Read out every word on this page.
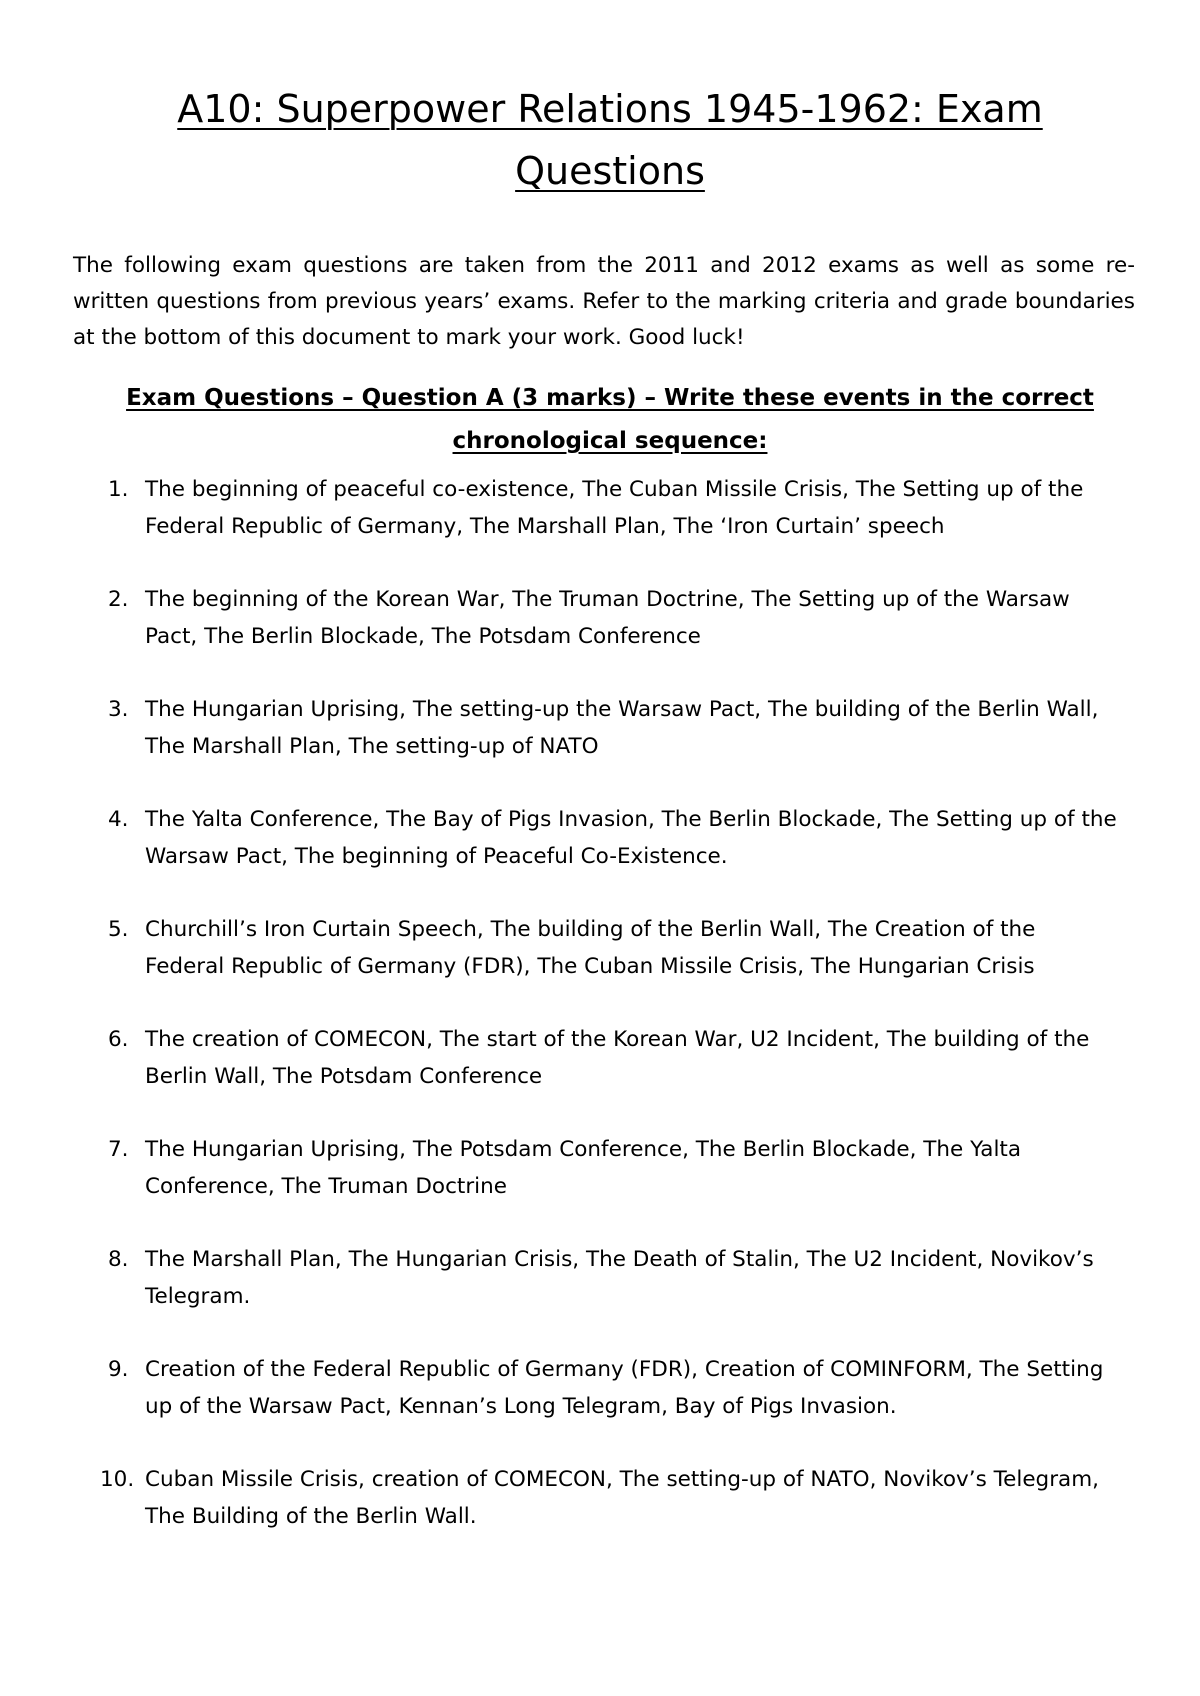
A10: Superpower Relations 1945-1962: Exam Questions

The following exam questions are taken from the 2011 and 2012 exams as well as some re-written questions from previous years’ exams. Refer to the marking criteria and grade boundaries at the bottom of this document to mark your work. Good luck!

Exam Questions – Question A (3 marks) – Write these events in the correct chronological sequence:
1. The beginning of peaceful co-existence, The Cuban Missile Crisis, The Setting up of the Federal Republic of Germany, The Marshall Plan, The ‘Iron Curtain’ speech
2. The beginning of the Korean War, The Truman Doctrine, The Setting up of the Warsaw Pact, The Berlin Blockade, The Potsdam Conference
3. The Hungarian Uprising, The setting-up the Warsaw Pact, The building of the Berlin Wall, The Marshall Plan, The setting-up of NATO
4. The Yalta Conference, The Bay of Pigs Invasion, The Berlin Blockade, The Setting up of the Warsaw Pact, The beginning of Peaceful Co-Existence.
5. Churchill’s Iron Curtain Speech, The building of the Berlin Wall, The Creation of the Federal Republic of Germany (FDR), The Cuban Missile Crisis, The Hungarian Crisis
6. The creation of COMECON, The start of the Korean War, U2 Incident, The building of the Berlin Wall, The Potsdam Conference
7. The Hungarian Uprising, The Potsdam Conference, The Berlin Blockade, The Yalta Conference, The Truman Doctrine
8. The Marshall Plan, The Hungarian Crisis, The Death of Stalin, The U2 Incident, Novikov’s Telegram.
9. Creation of the Federal Republic of Germany (FDR), Creation of COMINFORM, The Setting up of the Warsaw Pact, Kennan’s Long Telegram, Bay of Pigs Invasion.
10. Cuban Missile Crisis, creation of COMECON, The setting-up of NATO, Novikov’s Telegram, The Building of the Berlin Wall.
